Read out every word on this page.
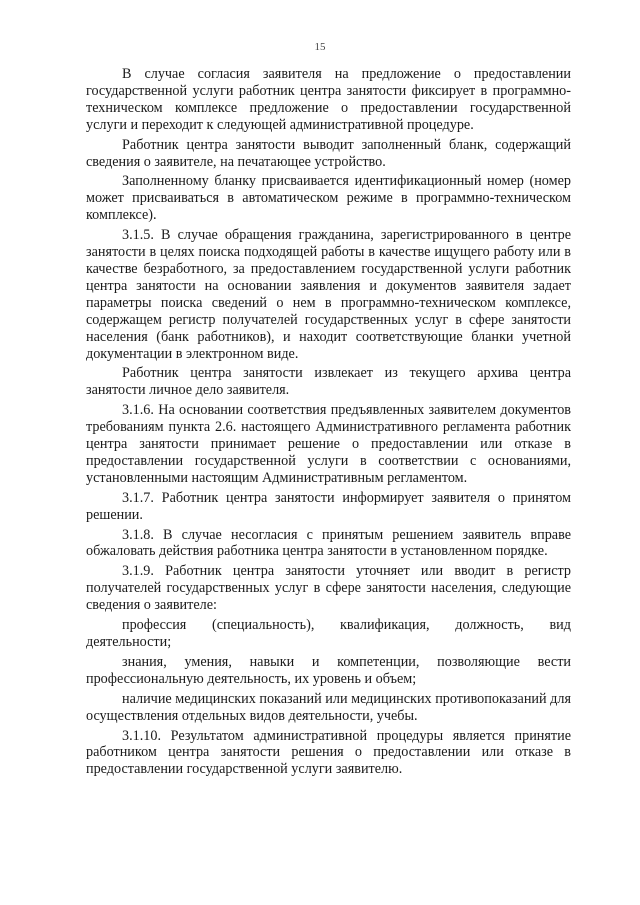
15

В случае согласия заявителя на предложение о предоставлении государственной услуги работник центра занятости фиксирует в программно-техническом комплексе предложение о предоставлении государственной услуги и переходит к следующей административной процедуре.

Работник центра занятости выводит заполненный бланк, содержащий сведения о заявителе, на печатающее устройство.

Заполненному бланку присваивается идентификационный номер (номер может присваиваться в автоматическом режиме в программно-техническом комплексе).

3.1.5. В случае обращения гражданина, зарегистрированного в центре занятости в целях поиска подходящей работы в качестве ищущего работу или в качестве безработного, за предоставлением государственной услуги работник центра занятости на основании заявления и документов заявителя задает параметры поиска сведений о нем в программно-техническом комплексе, содержащем регистр получателей государственных услуг в сфере занятости населения (банк работников), и находит соответствующие бланки учетной документации в электронном виде.

Работник центра занятости извлекает из текущего архива центра занятости личное дело заявителя.

3.1.6. На основании соответствия предъявленных заявителем документов требованиям пункта 2.6. настоящего Административного регламента работник центра занятости принимает решение о предоставлении или отказе в предоставлении государственной услуги в соответствии с основаниями, установленными настоящим Административным регламентом.

3.1.7. Работник центра занятости информирует заявителя о принятом решении.

3.1.8. В случае несогласия с принятым решением заявитель вправе обжаловать действия работника центра занятости в установленном порядке.

3.1.9. Работник центра занятости уточняет или вводит в регистр получателей государственных услуг в сфере занятости населения, следующие сведения о заявителе:

профессия (специальность), квалификация, должность, вид деятельности;

знания, умения, навыки и компетенции, позволяющие вести профессиональную деятельность, их уровень и объем;

наличие медицинских показаний или медицинских противопоказаний для осуществления отдельных видов деятельности, учебы.

3.1.10. Результатом административной процедуры является принятие работником центра занятости решения о предоставлении или отказе в предоставлении государственной услуги заявителю.
